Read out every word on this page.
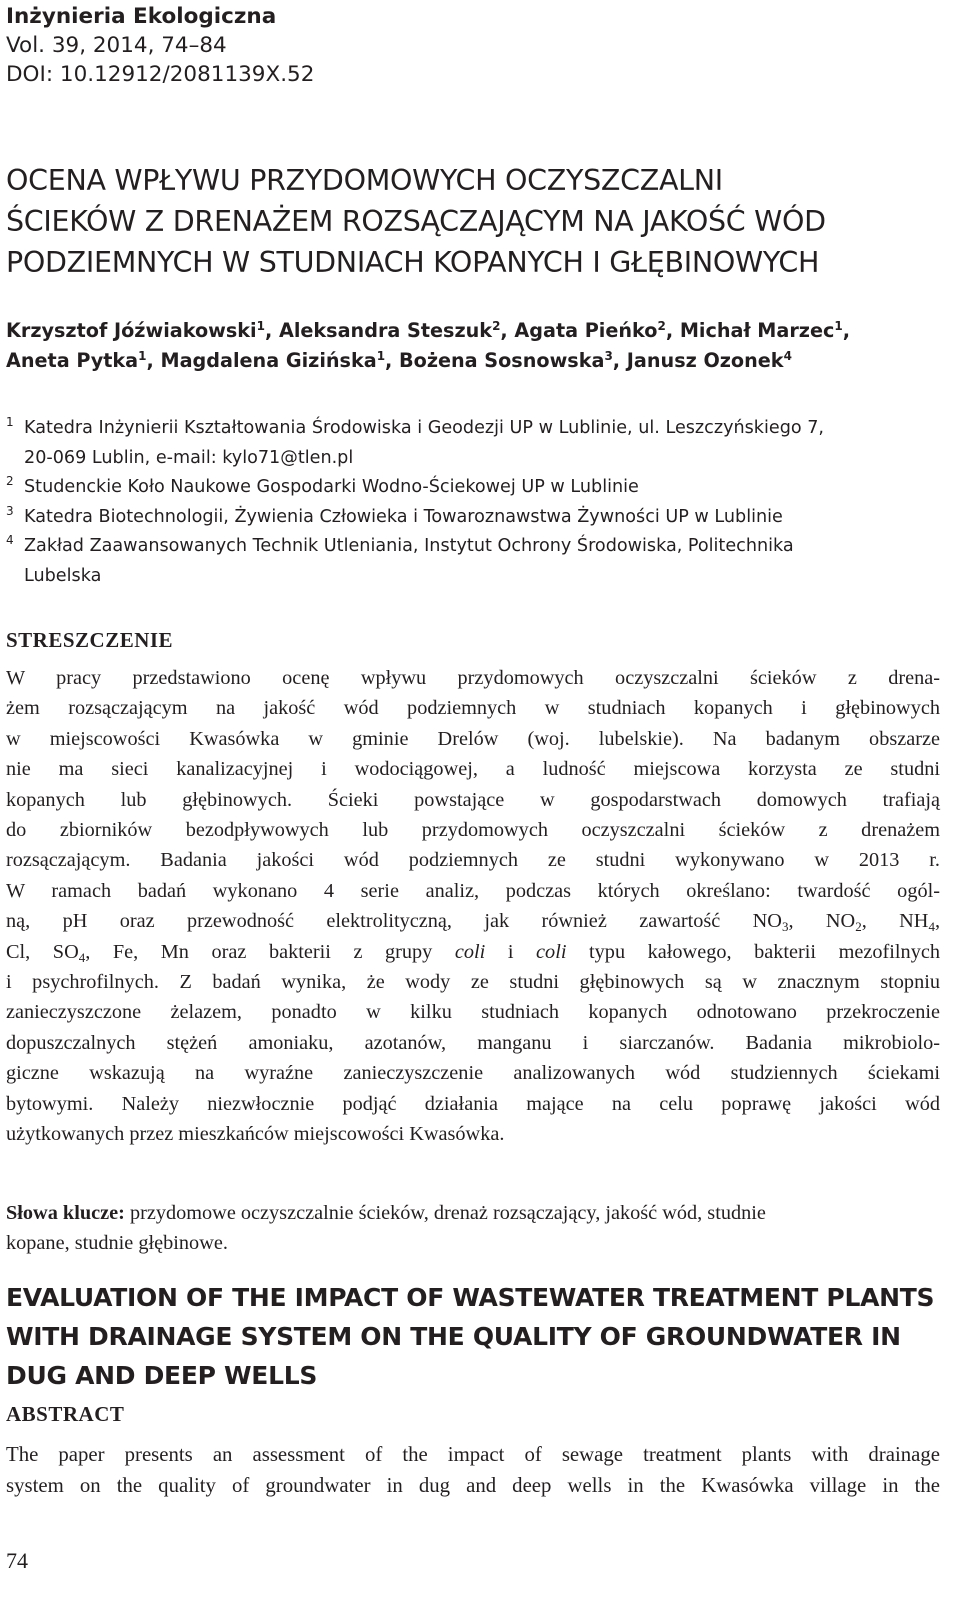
Inżynieria Ekologiczna
Vol. 39, 2014, 74–84
DOI: 10.12912/2081139X.52
OCENA WPŁYWU PRZYDOMOWYCH OCZYSZCZALNI
ŚCIEKÓW Z DRENAŻEM ROZSĄCZAJĄCYM NA JAKOŚĆ WÓD
PODZIEMNYCH W STUDNIACH KOPANYCH I GŁĘBINOWYCH
Krzysztof Jóźwiakowski$^1$, Aleksandra Steszuk$^2$, Agata Pieńko$^2$, Michał Marzec$^1$,
Aneta Pytka$^1$, Magdalena Gizińska$^1$, Bożena Sosnowska$^3$, Janusz Ozonek$^4$
1 Katedra Inżynierii Kształtowania Środowiska i Geodezji UP w Lublinie, ul. Leszczyńskiego 7,
20-069 Lublin, e-mail: kylo71@tlen.pl
2 Studenckie Koło Naukowe Gospodarki Wodno-Ściekowej UP w Lublinie
3 Katedra Biotechnologii, Żywienia Człowieka i Towaroznawstwa Żywności UP w Lublinie
4 Zakład Zaawansowanych Technik Utleniania, Instytut Ochrony Środowiska, Politechnika
Lubelska
STRESZCZENIE
W pracy przedstawiono ocenę wpływu przydomowych oczyszczalni ścieków z drena-
żem rozsączającym na jakość wód podziemnych w studniach kopanych i głębinowych
w miejscowości Kwasówka w gminie Drelów (woj. lubelskie). Na badanym obszarze
nie ma sieci kanalizacyjnej i wodociągowej, a ludność miejscowa korzysta ze studni
kopanych lub głębinowych. Ścieki powstające w gospodarstwach domowych trafiają
do zbiorników bezodpływowych lub przydomowych oczyszczalni ścieków z drenażem
rozsączającym. Badania jakości wód podziemnych ze studni wykonywano w 2013 r.
W ramach badań wykonano 4 serie analiz, podczas których określano: twardość ogól-
ną, pH oraz przewodność elektrolityczną, jak również zawartość $NO_3$, $NO_2$, $NH_4$,
Cl, $SO_4$, Fe, Mn oraz bakterii z grupy coli i coli typu kałowego, bakterii mezofilnych
i psychrofilnych. Z badań wynika, że wody ze studni głębinowych są w znacznym stopniu
zanieczyszczone żelazem, ponadto w kilku studniach kopanych odnotowano przekroczenie
dopuszczalnych stężeń amoniaku, azotanów, manganu i siarczanów. Badania mikrobiolo-
giczne wskazują na wyraźne zanieczyszczenie analizowanych wód studziennych ściekami
bytowymi. Należy niezwłocznie podjąć działania mające na celu poprawę jakości wód
użytkowanych przez mieszkańców miejscowości Kwasówka.
Słowa klucze: przydomowe oczyszczalnie ścieków, drenaż rozsączający, jakość wód, studnie
kopane, studnie głębinowe.
EVALUATION OF THE IMPACT OF WASTEWATER TREATMENT PLANTS
WITH DRAINAGE SYSTEM ON THE QUALITY OF GROUNDWATER IN
DUG AND DEEP WELLS
ABSTRACT
The paper presents an assessment of the impact of sewage treatment plants with drainage
system on the quality of groundwater in dug and deep wells in the Kwasówka village in the
74
